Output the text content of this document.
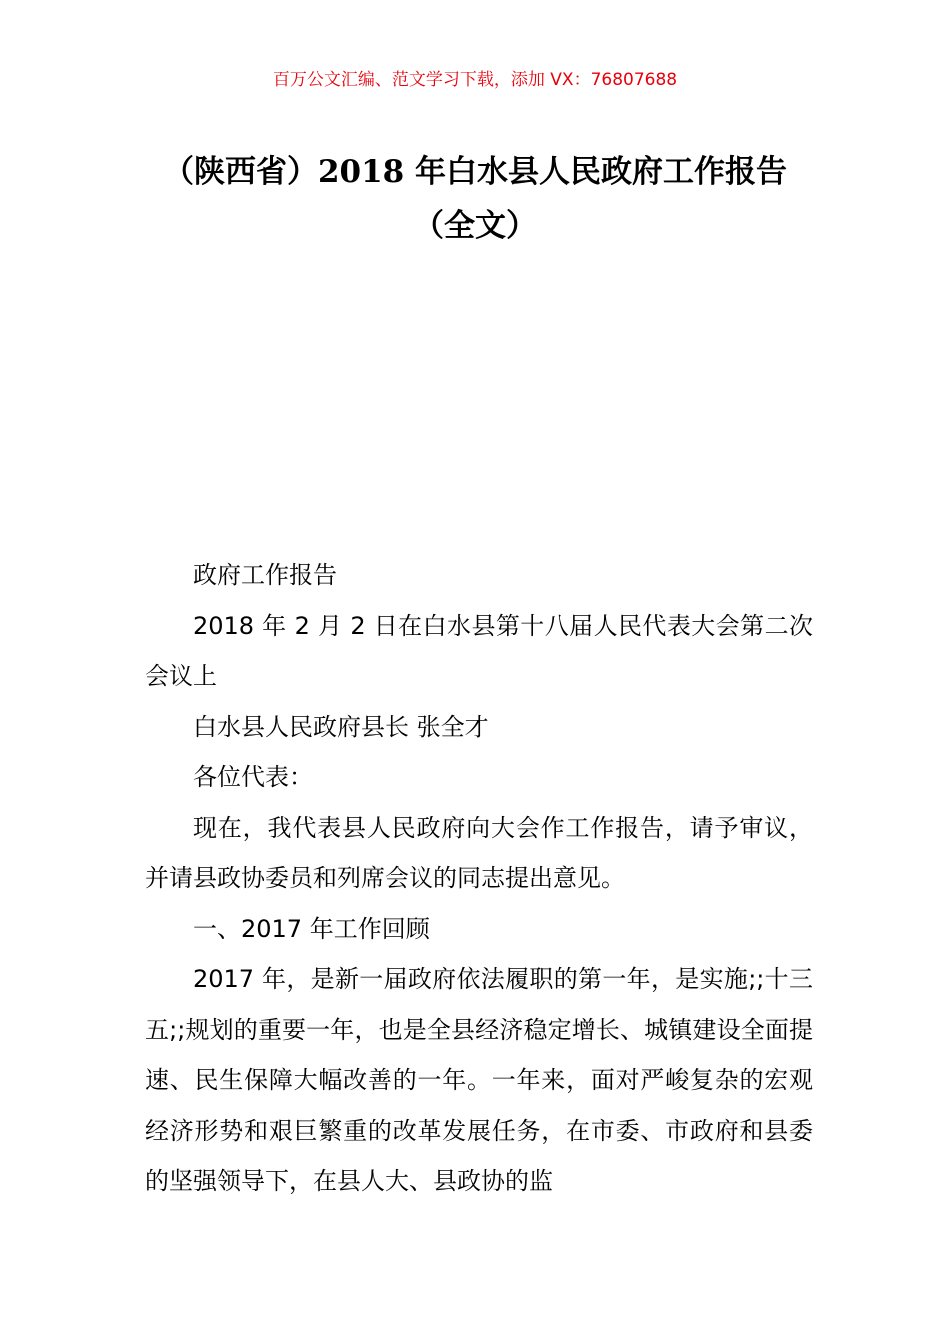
百万公文汇编、范文学习下载，添加 VX：76807688
（陕西省）2018 年白水县人民政府工作报告（全文）

政府工作报告

2018 年 2 月 2 日在白水县第十八届人民代表大会第二次会议上

白水县人民政府县长 张全才

各位代表：

现在，我代表县人民政府向大会作工作报告，请予审议，并请县政协委员和列席会议的同志提出意见。

一、2017 年工作回顾

2017 年，是新一届政府依法履职的第一年，是实施;;十三五;;规划的重要一年，也是全县经济稳定增长、城镇建设全面提速、民生保障大幅改善的一年。一年来，面对严峻复杂的宏观经济形势和艰巨繁重的改革发展任务，在市委、市政府和县委的坚强领导下，在县人大、县政协的监
